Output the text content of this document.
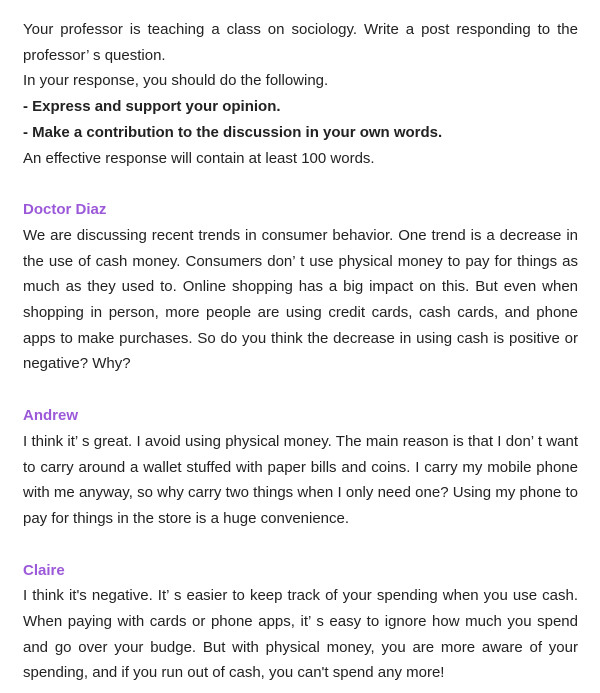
Your professor is teaching a class on sociology. Write a post responding to the professor’ s question.

In your response, you should do the following.
- Express and support your opinion.
- Make a contribution to the discussion in your own words.
An effective response will contain at least 100 words.
Doctor Diaz

We are discussing recent trends in consumer behavior. One trend is a decrease in the use of cash money. Consumers don’ t use physical money to pay for things as much as they used to. Online shopping has a big impact on this. But even when shopping in person, more people are using credit cards, cash cards, and phone apps to make purchases. So do you think the decrease in using cash is positive or negative? Why?

Andrew

I think it’ s great. I avoid using physical money. The main reason is that I don’ t want to carry around a wallet stuffed with paper bills and coins. I carry my mobile phone with me anyway, so why carry two things when I only need one? Using my phone to pay for things in the store is a huge convenience.

Claire

I think it's negative. It’ s easier to keep track of your spending when you use cash. When paying with cards or phone apps, it’ s easy to ignore how much you spend and go over your budge. But with physical money, you are more aware of your spending, and if you run out of cash, you can't spend any more!
